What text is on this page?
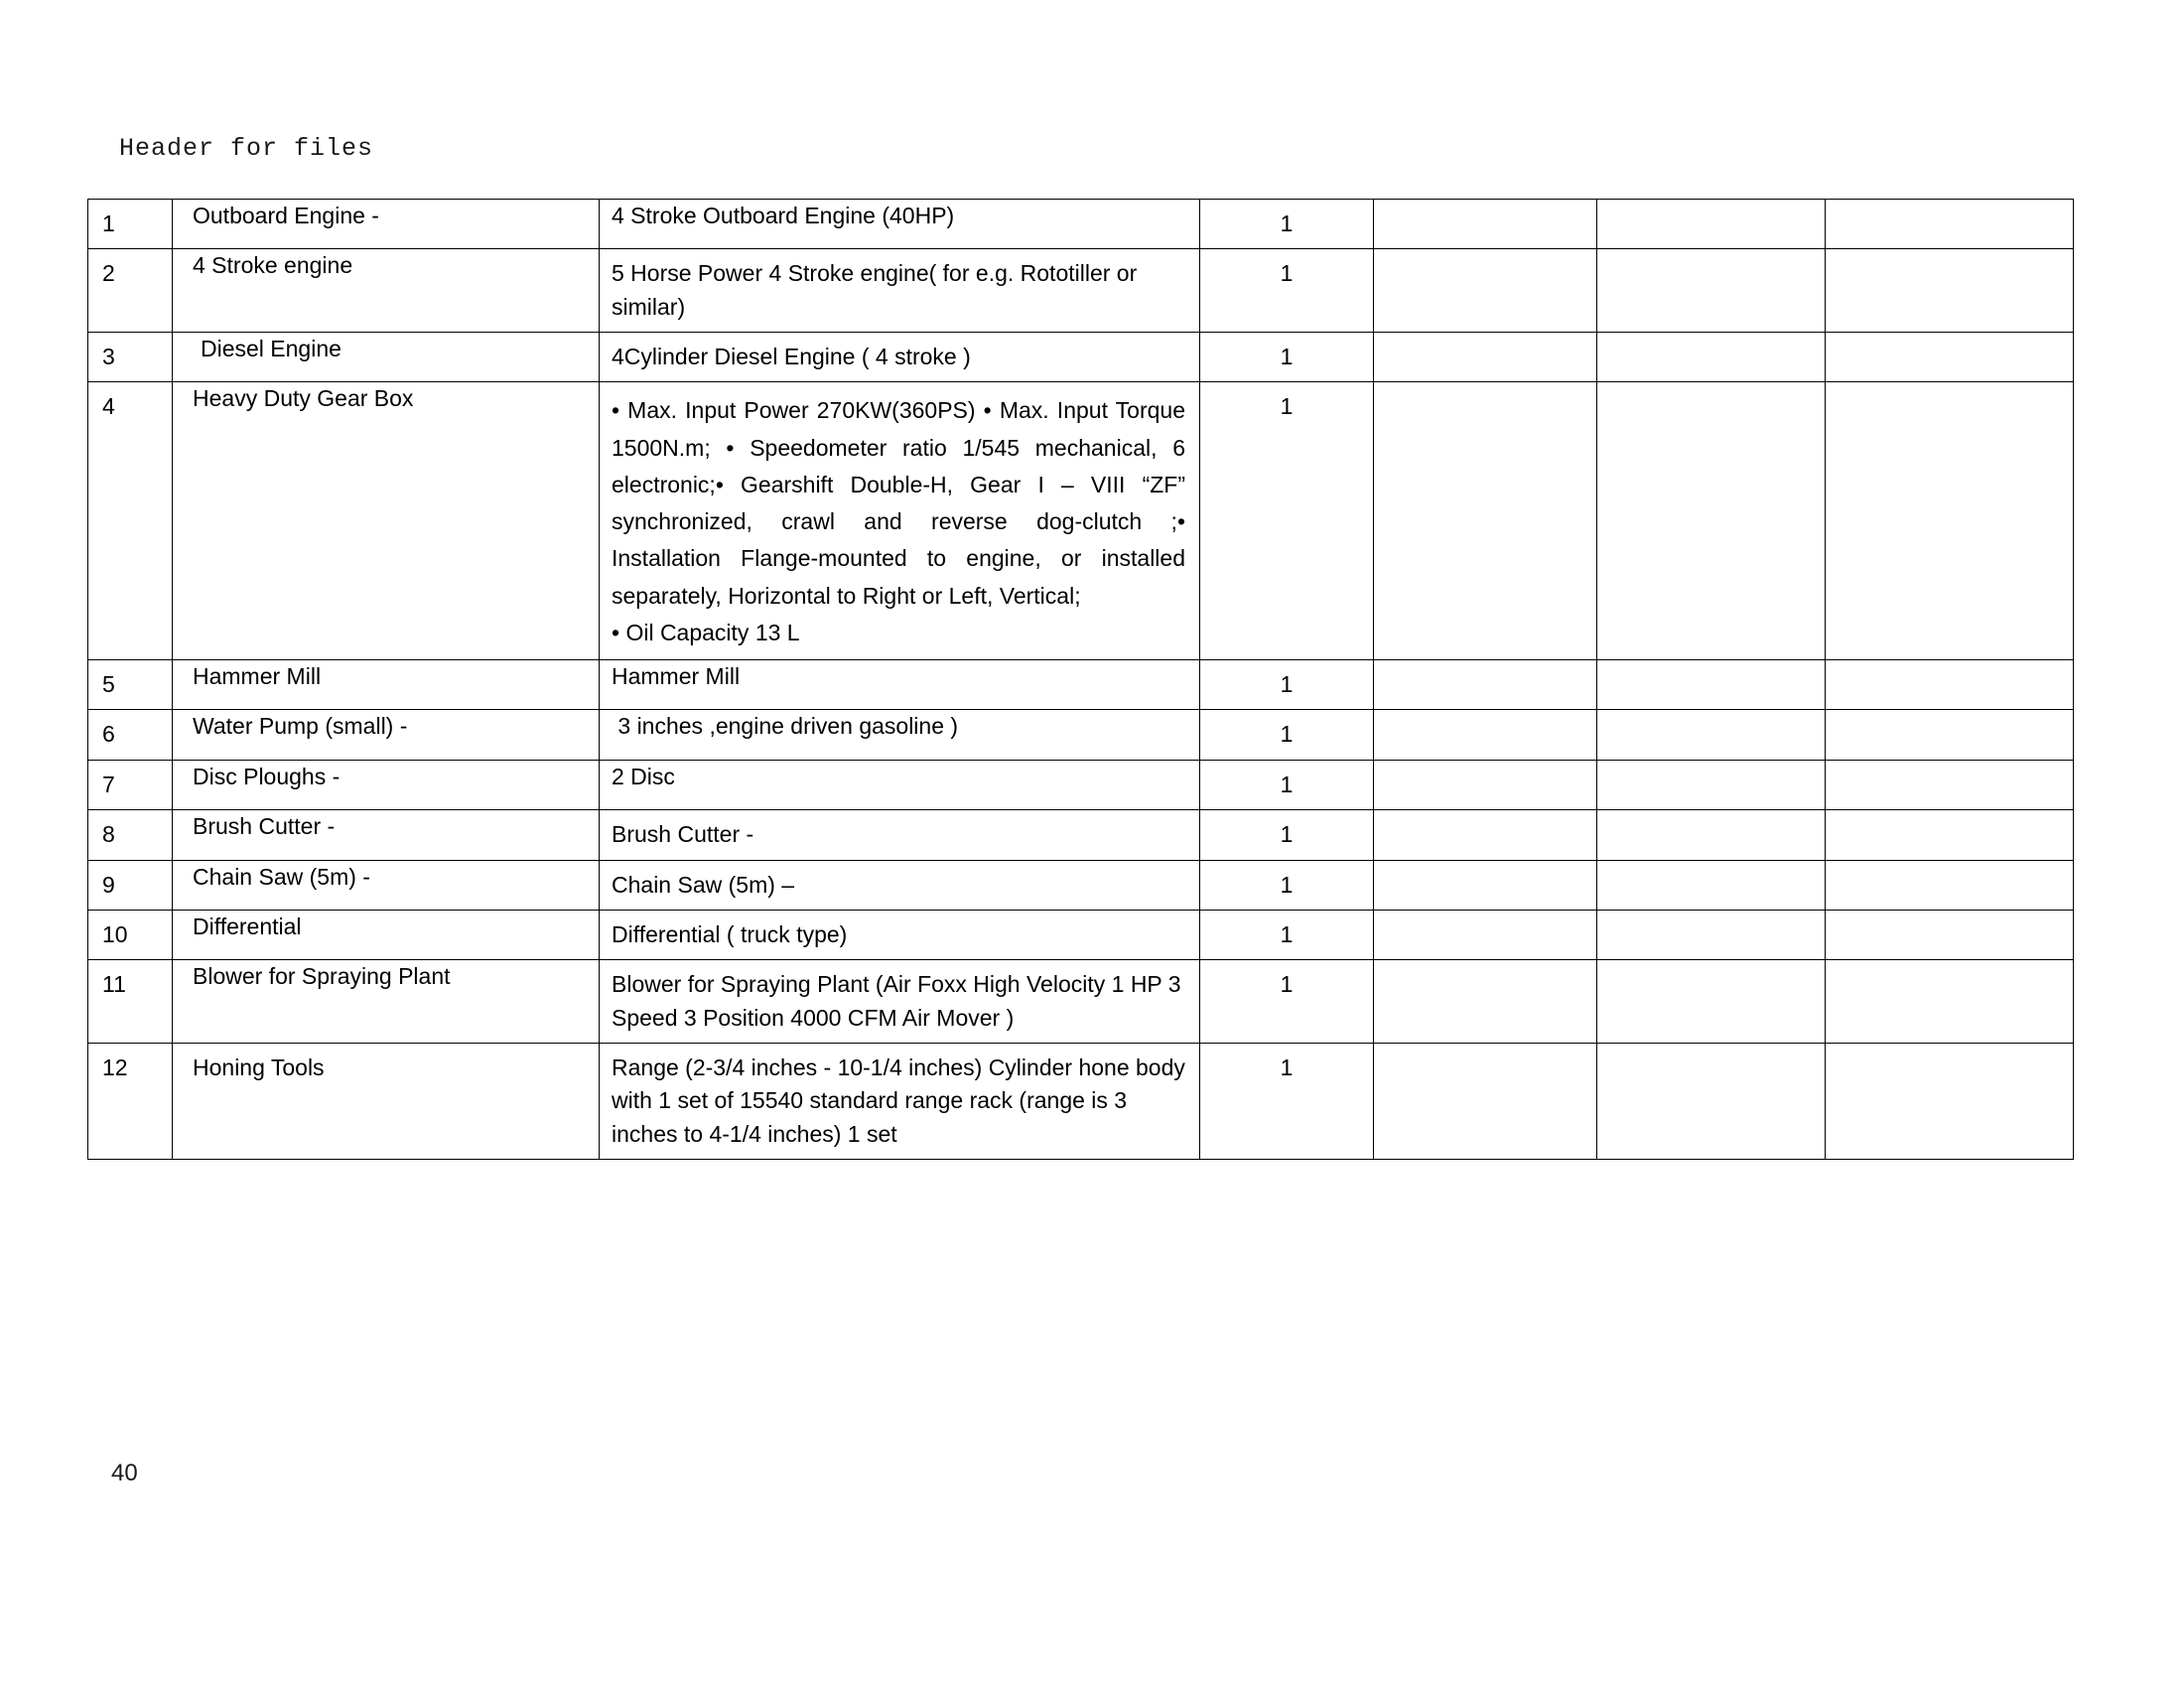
Header for files
1	Outboard Engine -	4 Stroke Outboard Engine (40HP)	1			

2	4 Stroke engine	5 Horse Power 4 Stroke engine( for e.g. Rototiller or similar)	1			

3	Diesel Engine	4Cylinder Diesel Engine ( 4 stroke )	1			

4	Heavy Duty Gear Box	• Max. Input Power 270KW(360PS) • Max. Input Torque 1500N.m; • Speedometer ratio 1/545 mechanical, 6 electronic;• Gearshift Double-H, Gear I – VIII “ZF” synchronized, crawl and reverse dog-clutch ;• Installation Flange-mounted to engine, or installed separately, Horizontal to Right or Left, Vertical;
• Oil Capacity 13 L	1			

5	Hammer Mill	Hammer Mill	1			

6	Water Pump (small) -	3 inches ,engine driven gasoline )	1			

7	Disc Ploughs -	2 Disc	1			

8	Brush Cutter -	Brush Cutter -	1			

9	Chain Saw (5m) -	Chain Saw (5m) –	1			

10	Differential	Differential ( truck type)	1			

11	Blower for Spraying Plant	Blower for Spraying Plant (Air Foxx High Velocity 1 HP 3 Speed 3 Position 4000 CFM Air Mover )	1			

12	Honing Tools	Range (2-3/4 inches - 10-1/4 inches) Cylinder hone body with 1 set of 15540 standard range rack (range is 3 inches to 4-1/4 inches) 1 set	1			

40
